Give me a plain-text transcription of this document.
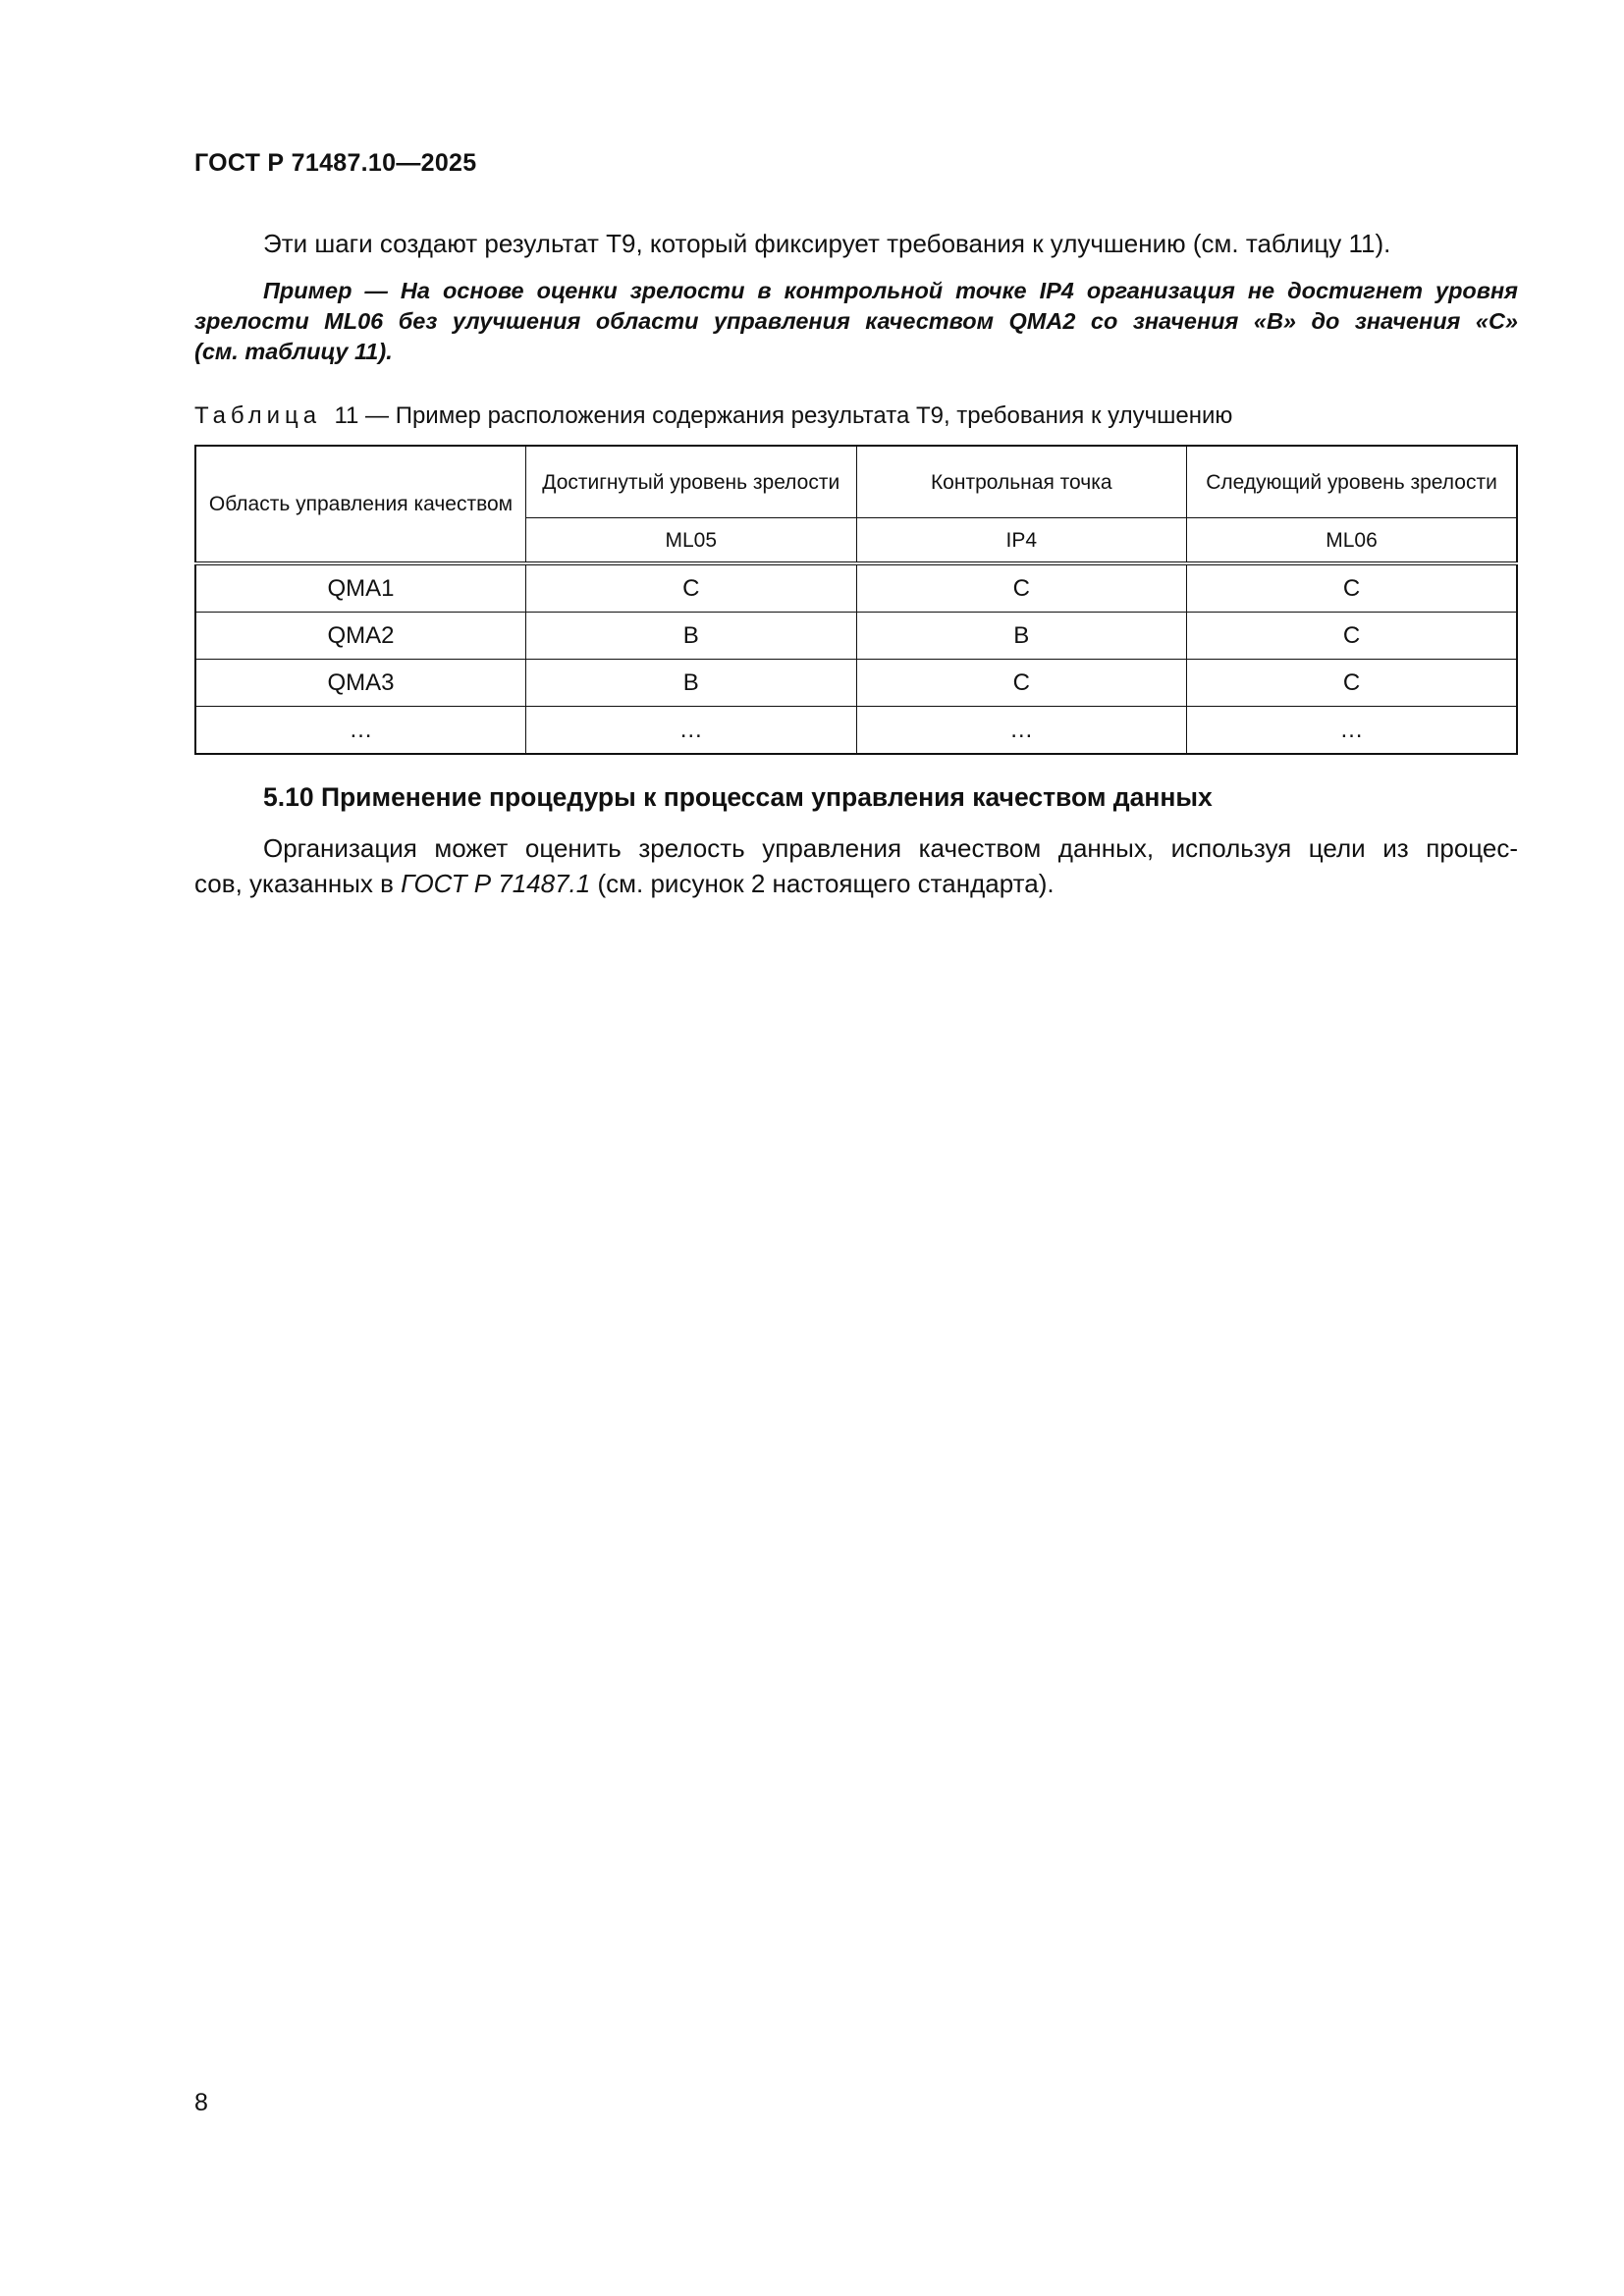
ГОСТ Р 71487.10—2025

Эти шаги создают результат Т9, который фиксирует требования к улучшению (см. таблицу 11).

Пример — На основе оценки зрелости в контрольной точке IP4 организация не достигнет уровня
зрелости ML06 без улучшения области управления качеством QMA2 со значения «B» до значения «C»
(см. таблицу 11).

Таблица 11 — Пример расположения содержания результата Т9, требования к улучшению

Область управления качеством	Достигнутый уровень зрелости	Контрольная точка	Следующий уровень зрелости
	ML05	IP4	ML06
QMA1	C	C	C
QMA2	B	B	C
QMA3	B	C	C
…	…	…	…

5.10 Применение процедуры к процессам управления качеством данных

Организация может оценить зрелость управления качеством данных, используя цели из процес-
сов, указанных в ГОСТ Р 71487.1 (см. рисунок 2 настоящего стандарта).

8
